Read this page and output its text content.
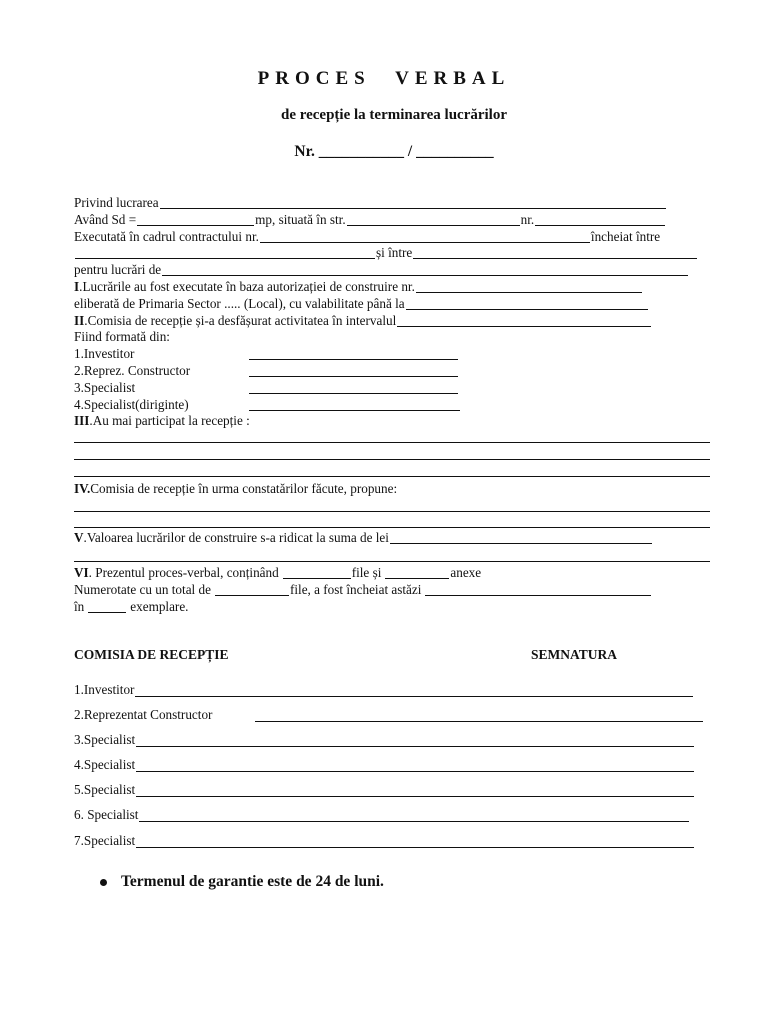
PROCES VERBAL
de recepție la terminarea lucrărilor
Nr. ___________ / __________
Privind lucrarea
Având Sd =	mp, situată în str.	nr.
Executată în cadrul contractului nr.	încheiat între
și între
pentru lucrări de
I .Lucrările au fost executate în baza autorizației de construire nr.
eliberată de Primaria Sector ..... (Local), cu valabilitate până la
II .Comisia de recepție și-a desfășurat activitatea în intervalul
Fiind formată din:
1.Investitor
2.Reprez. Constructor
3.Specialist
4.Specialist(diriginte)
III .Au mai participat la recepție :
IV. Comisia de recepție în urma constatărilor făcute, propune:
V .Valoarea lucrărilor de construire s-a ridicat la suma de lei
VI . Prezentul proces-verbal, conținând	file și	anexe
Numerotate cu un total de	file, a fost încheiat astăzi
în	exemplare.
COMISIA DE RECEPȚIE	SEMNATURA
1.Investitor
2.Reprezentat Constructor
3.Specialist
4.Specialist
5.Specialist
6. Specialist
7.Specialist
Termenul de garantie este de 24 de luni.
